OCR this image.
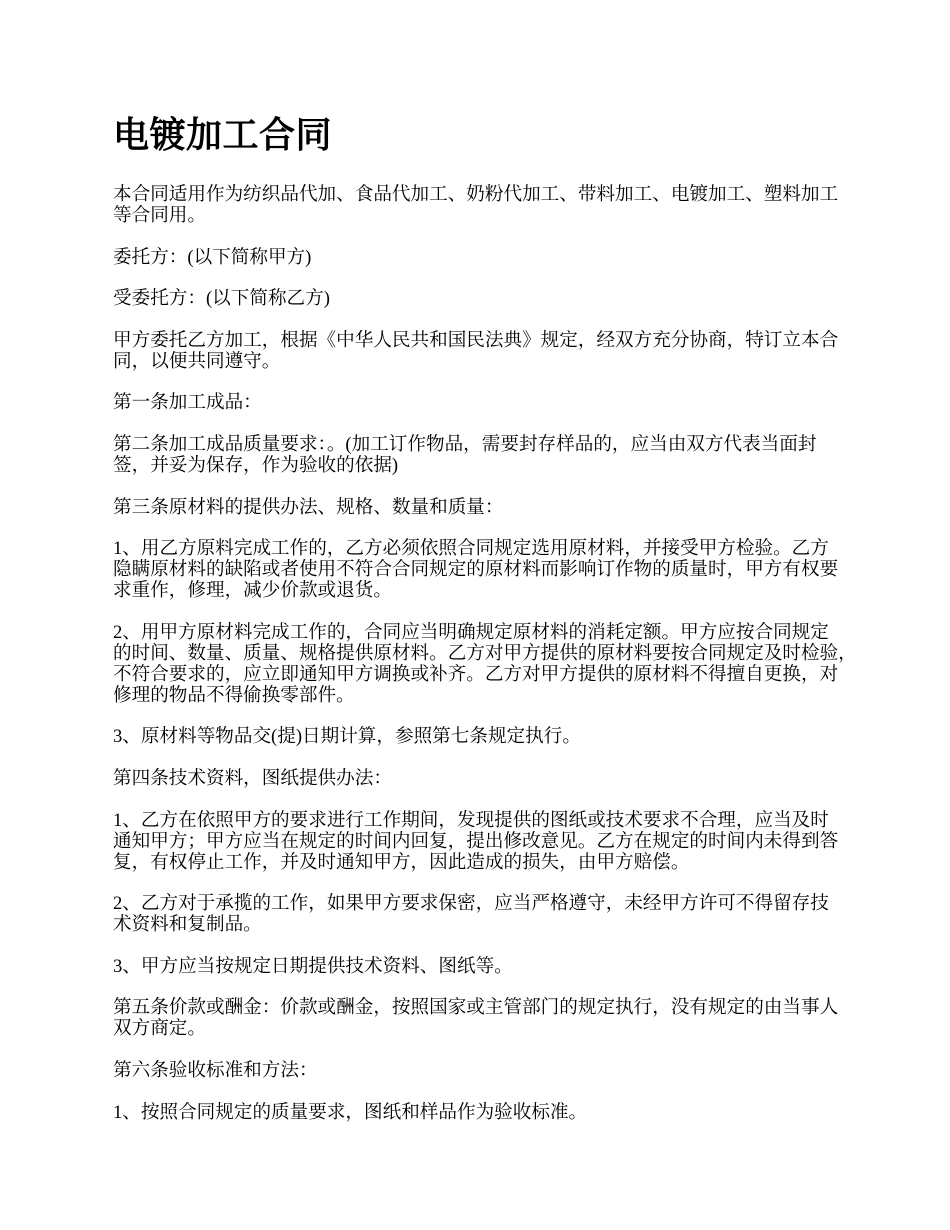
电镀加工合同

本合同适用作为纺织品代加、食品代加工、奶粉代加工、带料加工、电镀加工、塑料加工
等合同用。

委托方：(以下简称甲方)

受委托方：(以下简称乙方)

甲方委托乙方加工，根据《中华人民共和国民法典》规定，经双方充分协商，特订立本合
同，以便共同遵守。

第一条加工成品：

第二条加工成品质量要求：。(加工订作物品，需要封存样品的，应当由双方代表当面封
签，并妥为保存，作为验收的依据)

第三条原材料的提供办法、规格、数量和质量：

1、用乙方原料完成工作的，乙方必须依照合同规定选用原材料，并接受甲方检验。乙方
隐瞒原材料的缺陷或者使用不符合合同规定的原材料而影响订作物的质量时，甲方有权要
求重作，修理，减少价款或退货。

2、用甲方原材料完成工作的，合同应当明确规定原材料的消耗定额。甲方应按合同规定
的时间、数量、质量、规格提供原材料。乙方对甲方提供的原材料要按合同规定及时检验，
不符合要求的，应立即通知甲方调换或补齐。乙方对甲方提供的原材料不得擅自更换，对
修理的物品不得偷换零部件。

3、原材料等物品交(提)日期计算，参照第七条规定执行。

第四条技术资料，图纸提供办法：

1、乙方在依照甲方的要求进行工作期间，发现提供的图纸或技术要求不合理，应当及时
通知甲方；甲方应当在规定的时间内回复，提出修改意见。乙方在规定的时间内未得到答
复，有权停止工作，并及时通知甲方，因此造成的损失，由甲方赔偿。

2、乙方对于承揽的工作，如果甲方要求保密，应当严格遵守，未经甲方许可不得留存技
术资料和复制品。

3、甲方应当按规定日期提供技术资料、图纸等。

第五条价款或酬金：价款或酬金，按照国家或主管部门的规定执行，没有规定的由当事人
双方商定。

第六条验收标准和方法：

1、按照合同规定的质量要求，图纸和样品作为验收标准。
